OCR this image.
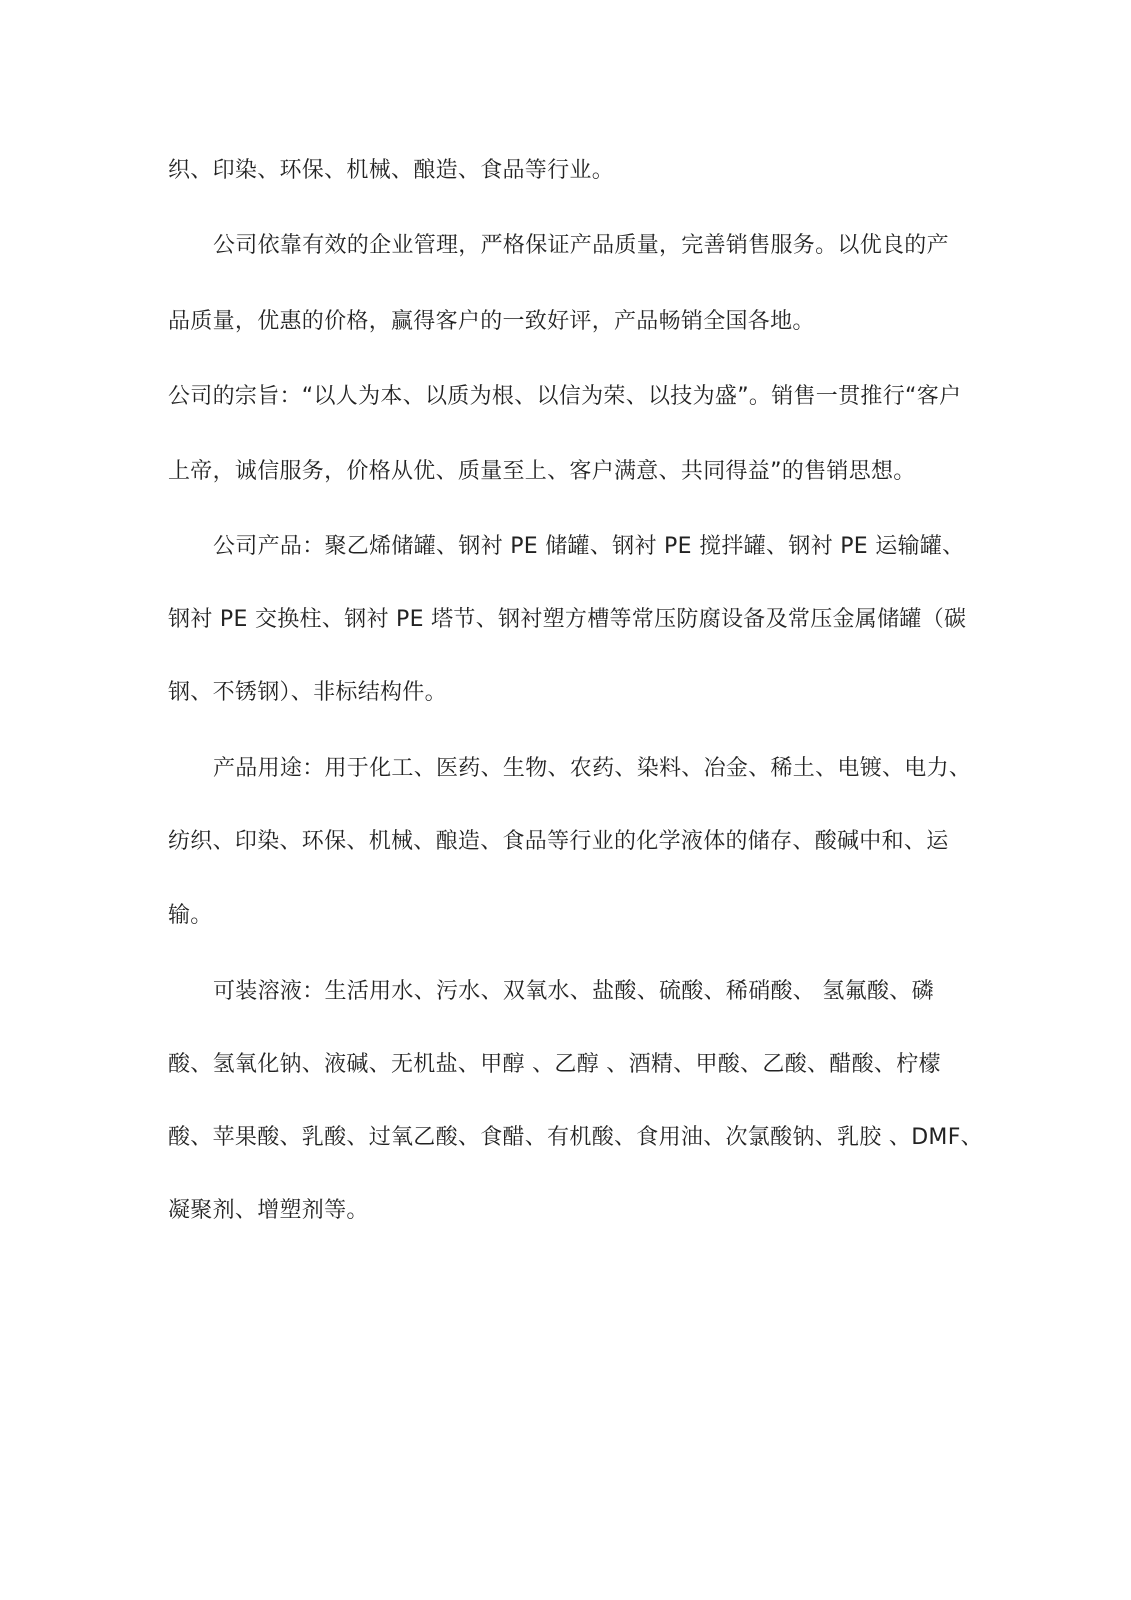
织、印染、环保、机械、酿造、食品等行业。
公司依靠有效的企业管理，严格保证产品质量，完善销售服务。以优良的产
品质量，优惠的价格，赢得客户的一致好评，产品畅销全国各地。
公司的宗旨：“以人为本、以质为根、以信为荣、以技为盛”。销售一贯推行“客户
上帝，诚信服务，价格从优、质量至上、客户满意、共同得益”的售销思想。
公司产品：聚乙烯储罐、钢衬 PE 储罐、钢衬 PE 搅拌罐、钢衬 PE 运输罐、
钢衬 PE 交换柱、钢衬 PE 塔节、钢衬塑方槽等常压防腐设备及常压金属储罐（碳
钢、不锈钢）、非标结构件。
产品用途：用于化工、医药、生物、农药、染料、冶金、稀土、电镀、电力、
纺织、印染、环保、机械、酿造、食品等行业的化学液体的储存、酸碱中和、运
输。
可装溶液：生活用水、污水、双氧水、盐酸、硫酸、稀硝酸、 氢氟酸、磷
酸、氢氧化钠、液碱、无机盐、甲醇 、乙醇 、酒精、甲酸、乙酸、醋酸、柠檬
酸、苹果酸、乳酸、过氧乙酸、食醋、有机酸、食用油、次氯酸钠、乳胶 、DMF、
凝聚剂、增塑剂等。
